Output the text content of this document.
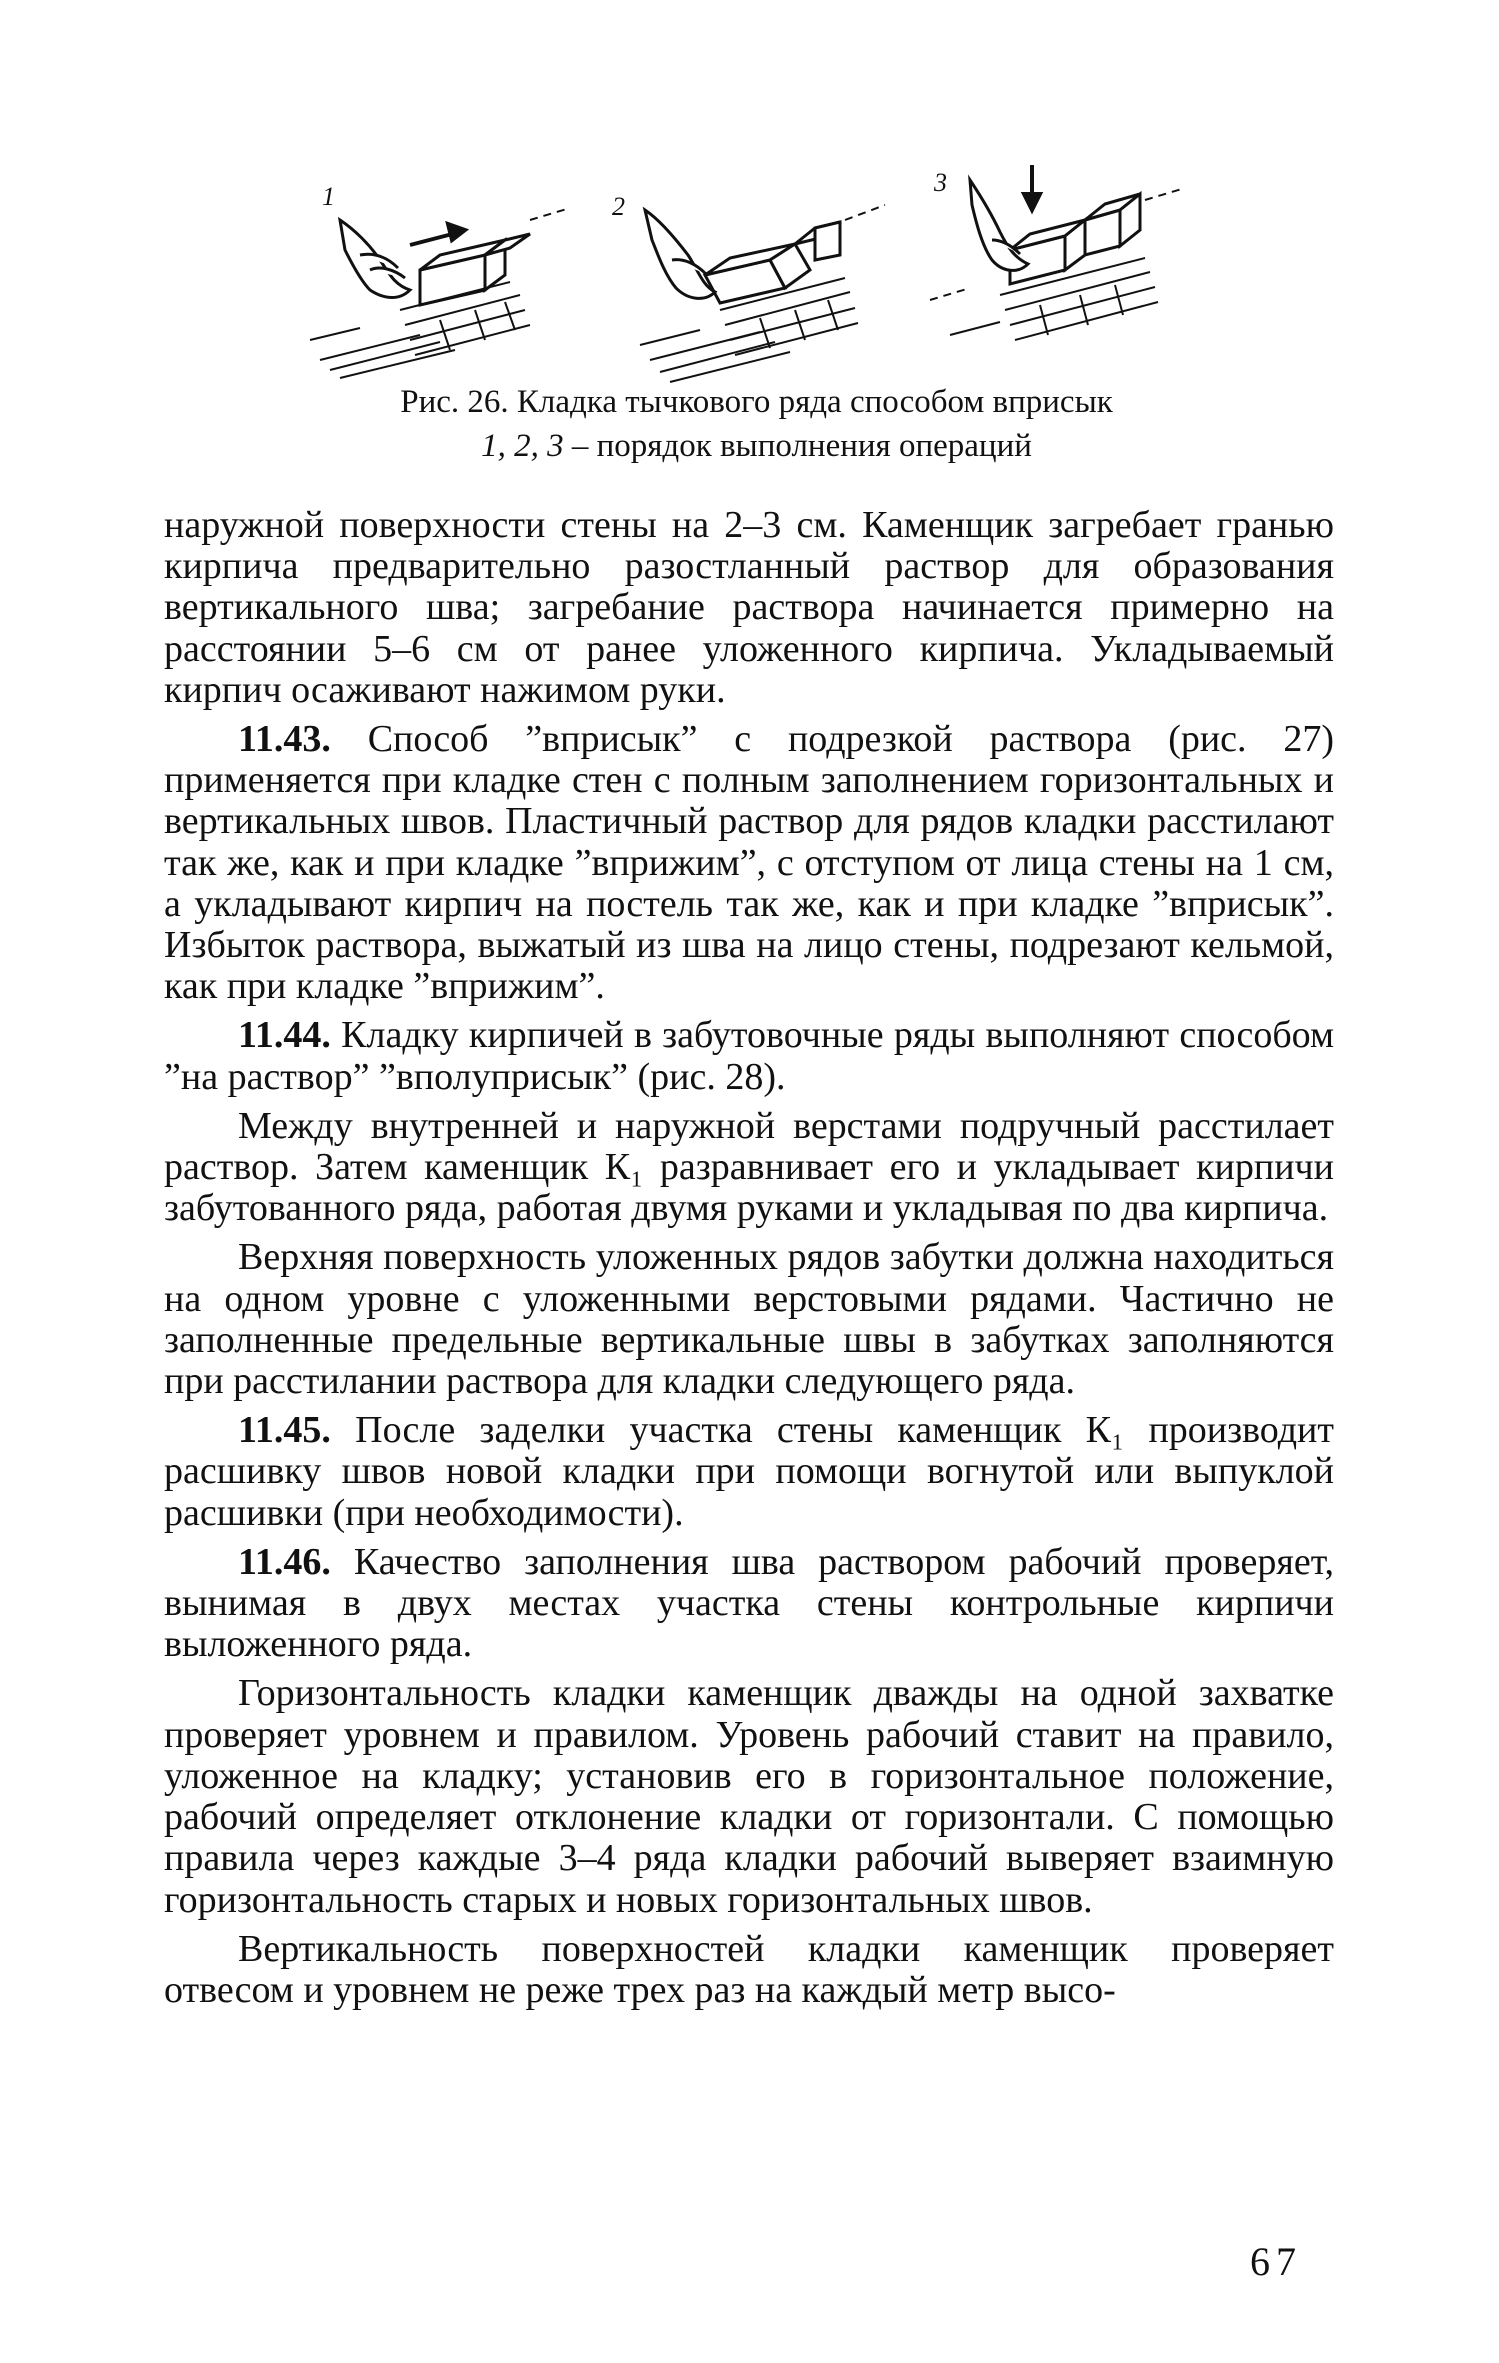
1	2
3
Рис. 26. Кладка тычкового ряда способом вприсык
1, 2, 3 – порядок выполнения операций

наружной поверхности стены на 2–3 см. Каменщик загребает гранью кирпича предварительно разостланный раствор для образования вертикального шва; загребание раствора начинается примерно на расстоянии 5–6 см от ранее уложенного кирпича. Укладываемый кирпич осаживают нажимом руки.

11.43. Способ ”вприсык” с подрезкой раствора (рис. 27) применяется при кладке стен с полным заполнением горизонтальных и вертикальных швов. Пластичный раствор для рядов кладки расстилают так же, как и при кладке ”вприжим”, с отступом от лица стены на 1 см, а укладывают кирпич на постель так же, как и при кладке ”вприсык”. Избыток раствора, выжатый из шва на лицо стены, подрезают кельмой, как при кладке ”вприжим”.

11.44. Кладку кирпичей в забутовочные ряды выполняют способом ”на раствор” ”вполуприсык” (рис. 28).

Между внутренней и наружной верстами подручный расстилает раствор. Затем каменщик К₁ разравнивает его и укладывает кирпичи забутованного ряда, работая двумя руками и укладывая по два кирпича.

Верхняя поверхность уложенных рядов забутки должна находиться на одном уровне с уложенными верстовыми рядами. Частично не заполненные предельные вертикальные швы в забутках заполняются при расстилании раствора для кладки следующего ряда.

11.45. После заделки участка стены каменщик К₁ производит расшивку швов новой кладки при помощи вогнутой или выпуклой расшивки (при необходимости).

11.46. Качество заполнения шва раствором рабочий проверяет, вынимая в двух местах участка стены контрольные кирпичи выложенного ряда.

Горизонтальность кладки каменщик дважды на одной захватке проверяет уровнем и правилом. Уровень рабочий ставит на правило, уложенное на кладку; установив его в горизонтальное положение, рабочий определяет отклонение кладки от горизонтали. С помощью правила через каждые 3–4 ряда кладки рабочий выверяет взаимную горизонтальность старых и новых горизонтальных швов.

Вертикальность поверхностей кладки каменщик проверяет отвесом и уровнем не реже трех раз на каждый метр высо-

67
